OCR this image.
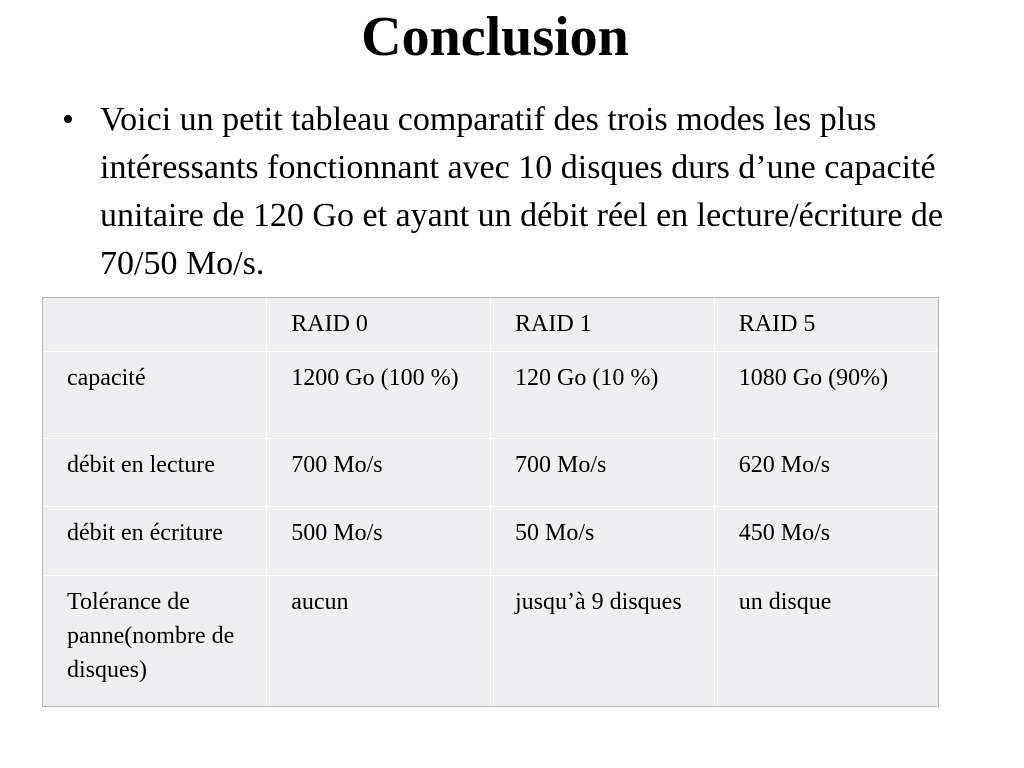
Conclusion
• Voici un petit tableau comparatif des trois modes les plus intéressants fonctionnant avec 10 disques durs d’une capacité unitaire de 120 Go et ayant un débit réel en lecture/écriture de 70/50 Mo/s.
	RAID 0	RAID 1	RAID 5
capacité	1200 Go (100 %)	120 Go (10 %)	1080 Go (90%)
débit en lecture	700 Mo/s	700 Mo/s	620 Mo/s
débit en écriture	500 Mo/s	50 Mo/s	450 Mo/s
Tolérance de panne(nombre de disques)	aucun	jusqu’à 9 disques	un disque
